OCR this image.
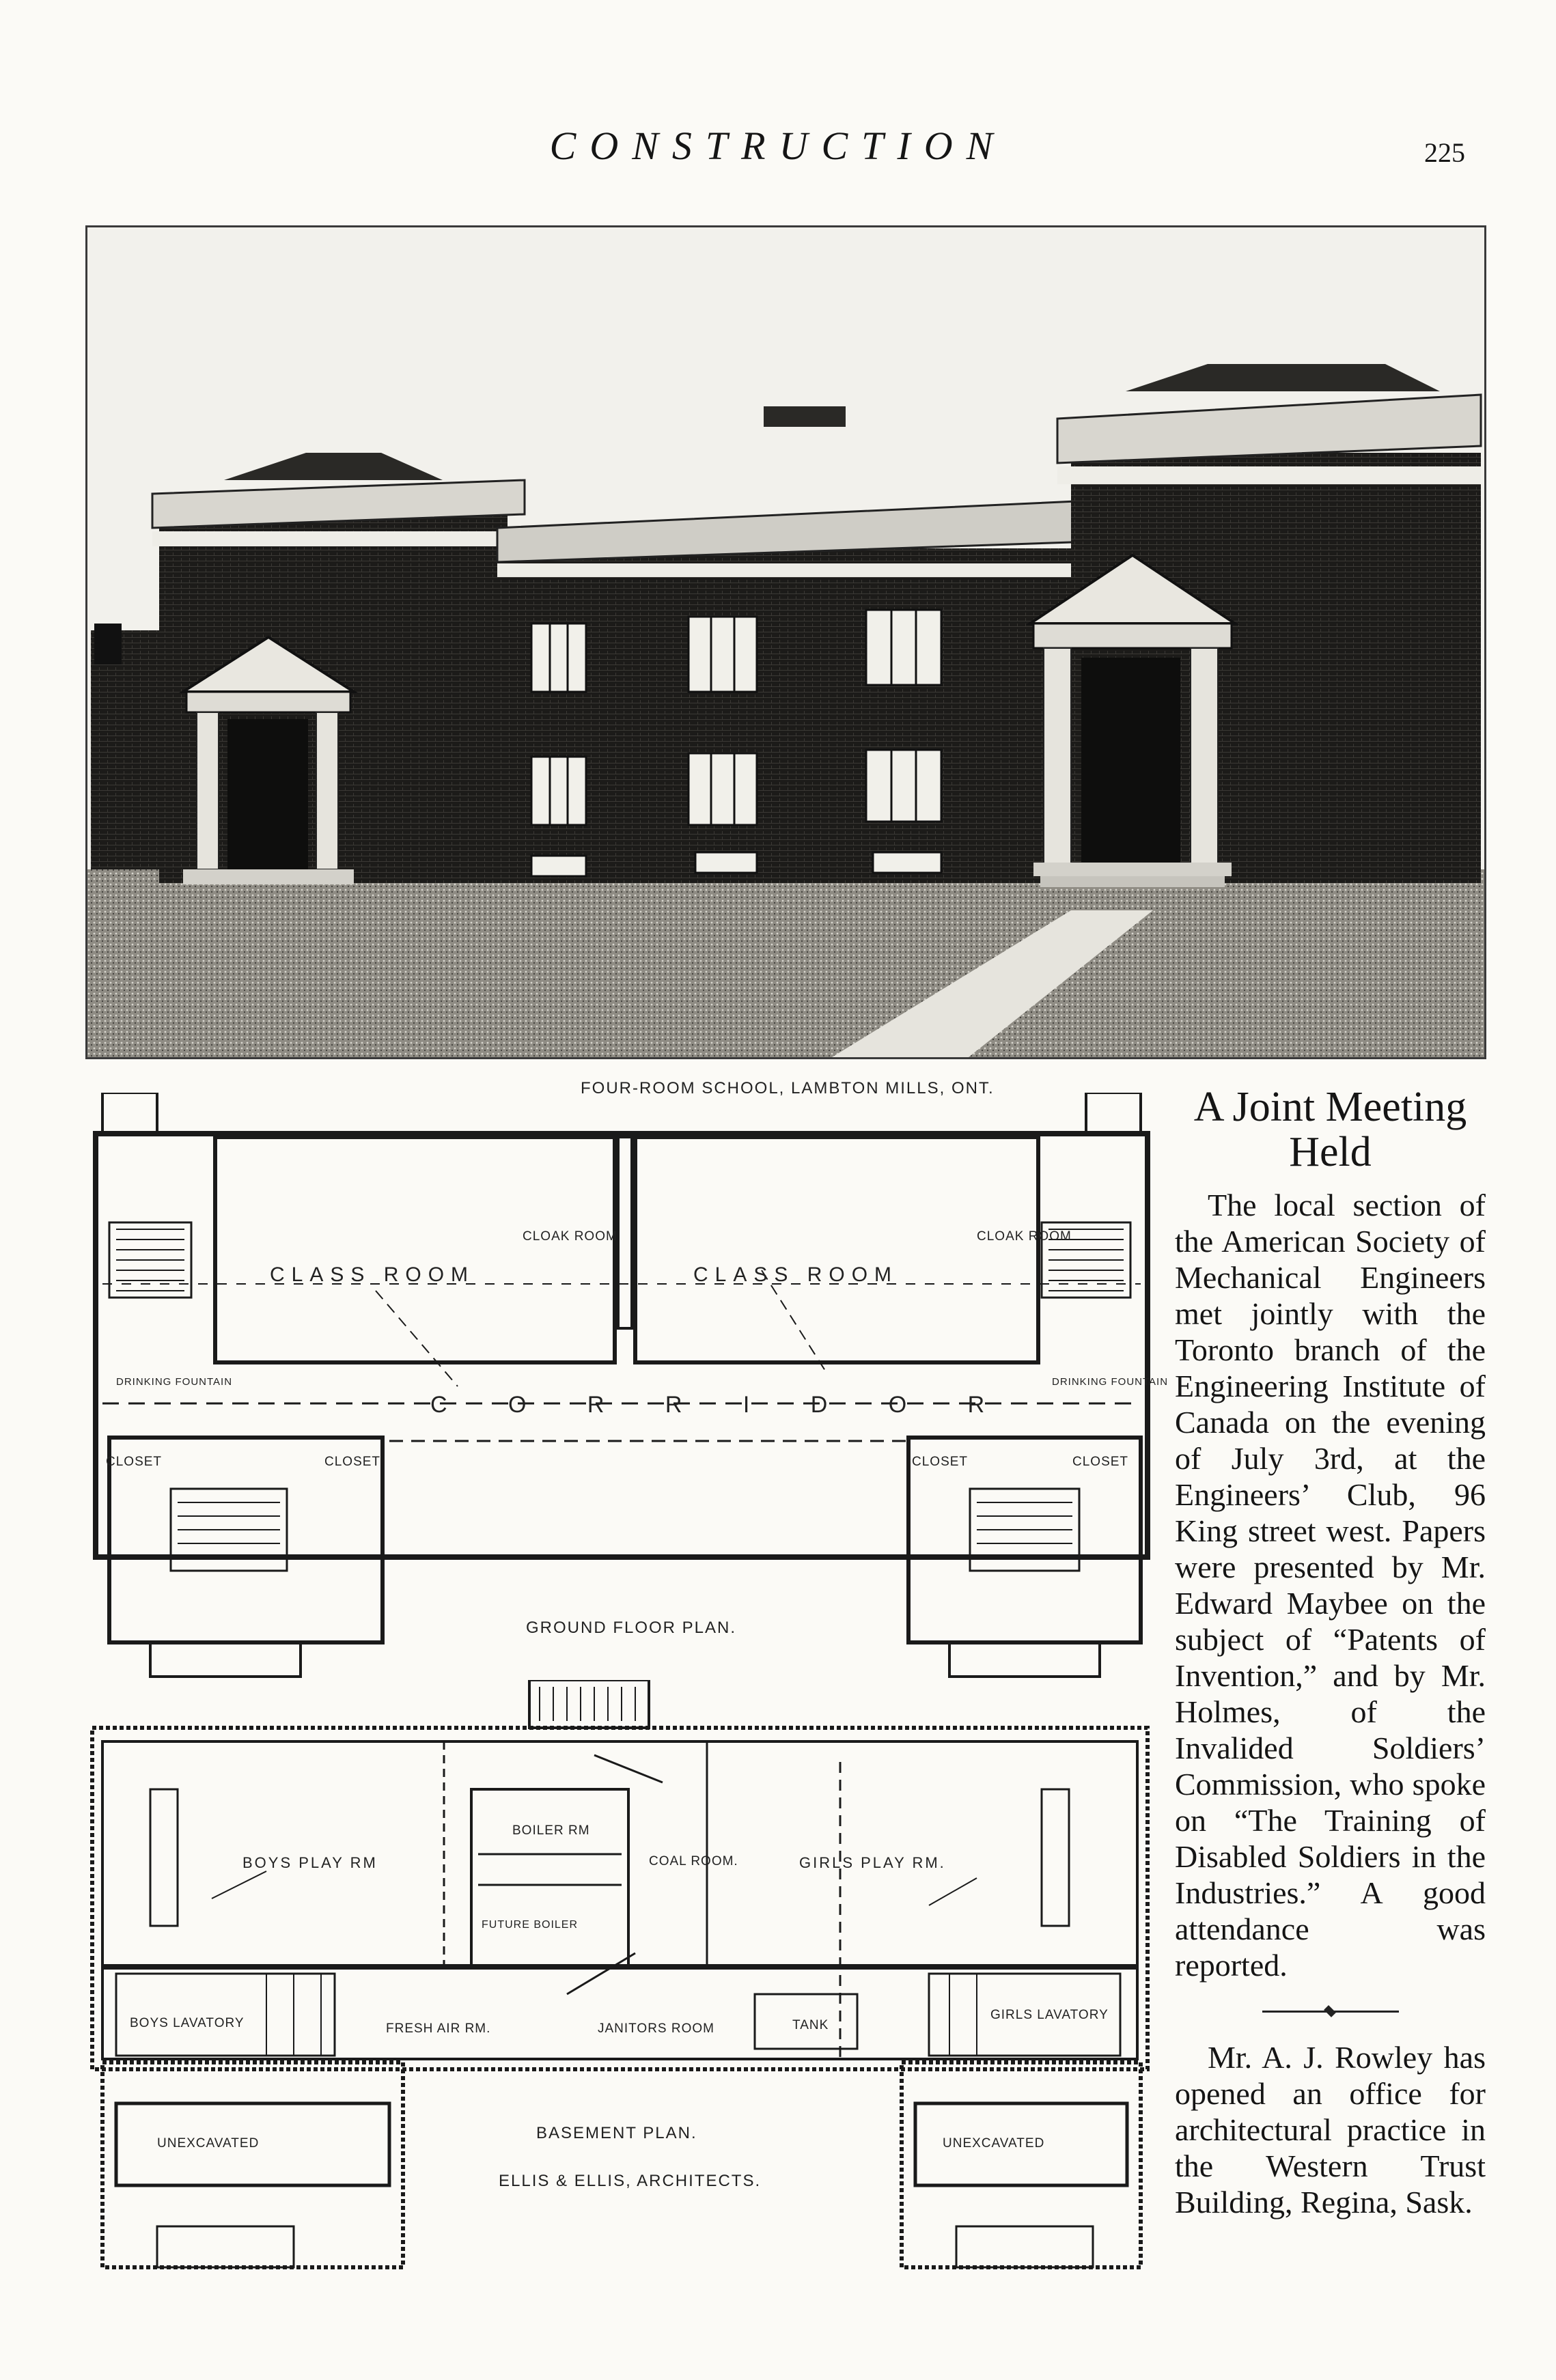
CONSTRUCTION	225
FOUR-ROOM SCHOOL, LAMBTON MILLS, ONT.
CLASS ROOM	CLASS ROOM
C O R R I D O R
CLOAK ROOM	CLOAK ROOM
CLOSET	CLOSET	CLOSET	CLOSET
DRINKING FOUNTAIN	DRINKING FOUNTAIN
GROUND FLOOR PLAN.
BOYS PLAY RM	GIRLS PLAY RM.
COAL ROOM.
BOILER RM
FUTURE BOILER
BOYS LAVATORY
GIRLS LAVATORY
FRESH AIR RM.	JANITORS ROOM	TANK
UNEXCAVATED	UNEXCAVATED
BASEMENT PLAN.
ELLIS & ELLIS, ARCHITECTS.
A Joint Meeting Held

The local section of the American Society of Mechanical Engineers met jointly with the Toronto branch of the Engineering Institute of Canada on the evening of July 3rd, at the Engineers’ Club, 96 King street west. Papers were presented by Mr. Edward Maybee on the subject of “Patents of Invention,” and by Mr. Holmes, of the Invalided Soldiers’ Commission, who spoke on “The Training of Disabled Soldiers in the Industries.” A good attendance was reported.

Mr. A. J. Rowley has opened an office for architectural practice in the Western Trust Building, Regina, Sask.
